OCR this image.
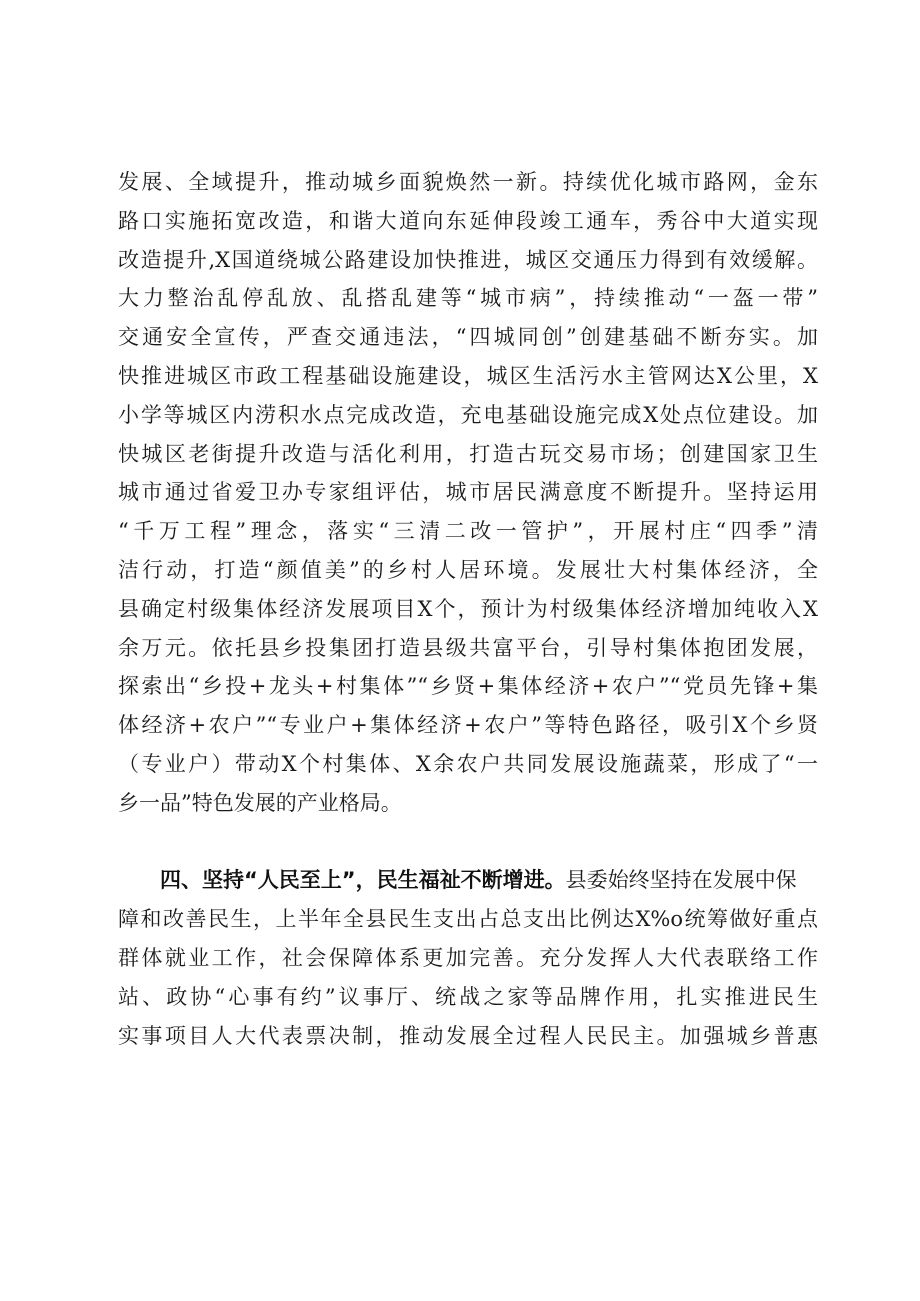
发展、全域提升，推动城乡面貌焕然一新。持续优化城市路网，金东
路口实施拓宽改造，和谐大道向东延伸段竣工通车，秀谷中大道实现
改造提升,X国道绕城公路建设加快推进，城区交通压力得到有效缓解。
大力整治乱停乱放、乱搭乱建等“城市病”，持续推动“一盔一带”
交通安全宣传，严查交通违法，“四城同创”创建基础不断夯实。加
快推进城区市政工程基础设施建设，城区生活污水主管网达X公里，X
小学等城区内涝积水点完成改造，充电基础设施完成X处点位建设。加
快城区老街提升改造与活化利用，打造古玩交易市场；创建国家卫生
城市通过省爱卫办专家组评估，城市居民满意度不断提升。坚持运用
“千万工程”理念，落实“三清二改一管护”，开展村庄“四季”清
洁行动，打造“颜值美”的乡村人居环境。发展壮大村集体经济，全
县确定村级集体经济发展项目X个，预计为村级集体经济增加纯收入X
余万元。依托县乡投集团打造县级共富平台，引导村集体抱团发展，
探索出“乡投+龙头+村集体”“乡贤+集体经济+农户”“党员先锋+集
体经济+农户”“专业户+集体经济+农户”等特色路径，吸引X个乡贤
（专业户）带动X个村集体、X余农户共同发展设施蔬菜，形成了“一
乡一品”特色发展的产业格局。
四、坚持“人民至上”，民生福祉不断增进。县委始终坚持在发展中保
障和改善民生，上半年全县民生支出占总支出比例达X%o统筹做好重点
群体就业工作，社会保障体系更加完善。充分发挥人大代表联络工作
站、政协“心事有约”议事厅、统战之家等品牌作用，扎实推进民生
实事项目人大代表票决制，推动发展全过程人民民主。加强城乡普惠
